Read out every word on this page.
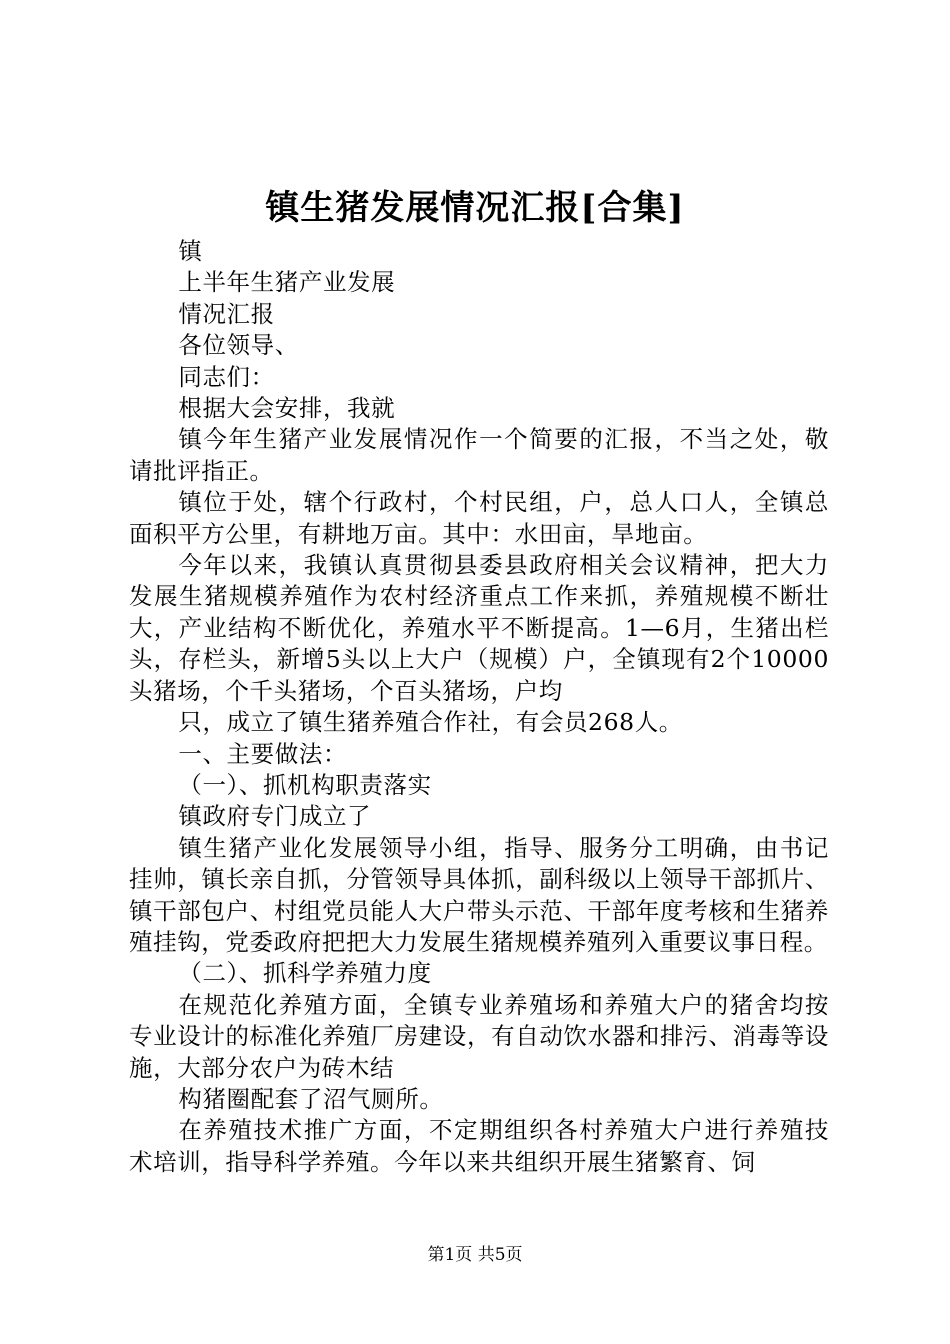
镇生猪发展情况汇报[合集]

镇

上半年生猪产业发展

情况汇报

各位领导、

同志们：

根据大会安排，我就

镇今年生猪产业发展情况作一个简要的汇报，不当之处，敬请批评指正。

镇位于处，辖个行政村，个村民组，户，总人口人，全镇总面积平方公里，有耕地万亩。其中：水田亩，旱地亩。

今年以来，我镇认真贯彻县委县政府相关会议精神，把大力发展生猪规模养殖作为农村经济重点工作来抓，养殖规模不断壮大，产业结构不断优化，养殖水平不断提高。1—6月，生猪出栏头，存栏头，新增5头以上大户（规模）户，全镇现有2个10000头猪场，个千头猪场，个百头猪场，户均

只，成立了镇生猪养殖合作社，有会员268人。

一、主要做法：

（一）、抓机构职责落实

镇政府专门成立了

镇生猪产业化发展领导小组，指导、服务分工明确，由书记挂帅，镇长亲自抓，分管领导具体抓，副科级以上领导干部抓片、镇干部包户、村组党员能人大户带头示范、干部年度考核和生猪养殖挂钩，党委政府把把大力发展生猪规模养殖列入重要议事日程。

（二）、抓科学养殖力度

在规范化养殖方面，全镇专业养殖场和养殖大户的猪舍均按专业设计的标准化养殖厂房建设，有自动饮水器和排污、消毒等设施，大部分农户为砖木结

构猪圈配套了沼气厕所。

在养殖技术推广方面，不定期组织各村养殖大户进行养殖技术培训，指导科学养殖。今年以来共组织开展生猪繁育、饲

第1页 共5页
